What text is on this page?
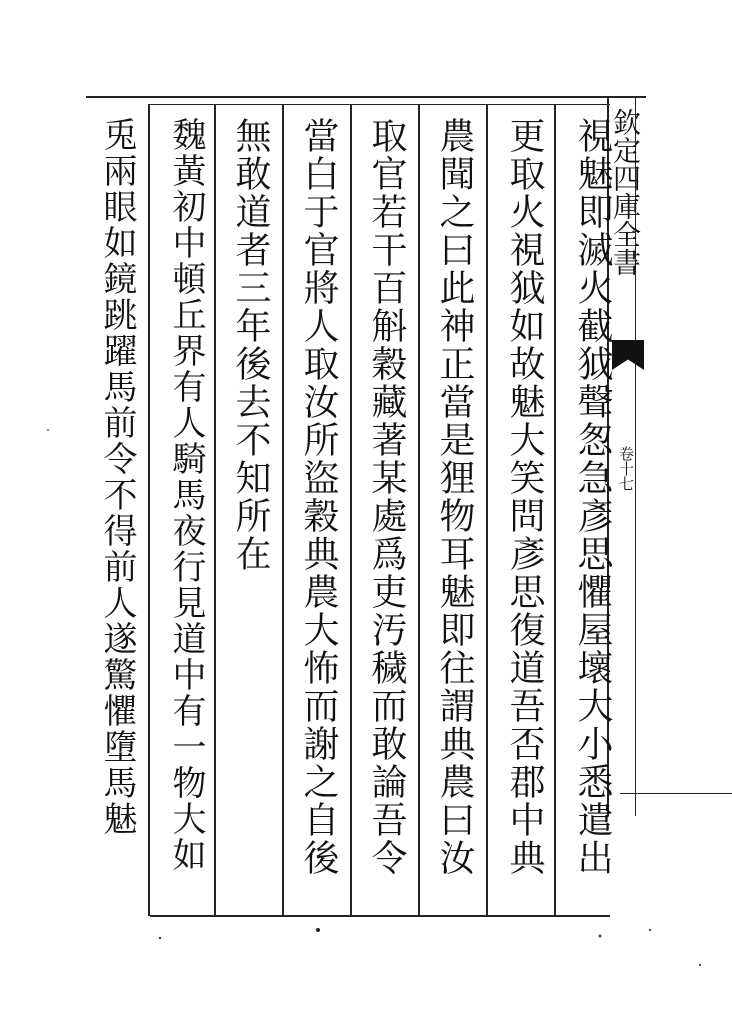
欽定四庫全書
卷十七
視魅即滅火截狘聲怱急彥思懼屋壞大小悉遣出
更取火視狘如故魅大笑問彥思復道吾否郡中典
農聞之曰此神正當是狸物耳魅即往謂典農曰汝
取官若干百斛穀藏著某處爲吏汚穢而敢論吾令
當白于官將人取汝所盜穀典農大怖而謝之自後
無敢道者三年後去不知所在
魏黃初中頓丘界有人騎馬夜行見道中有一物大如
兎兩眼如鏡跳躍馬前令不得前人遂驚懼墮馬魅
